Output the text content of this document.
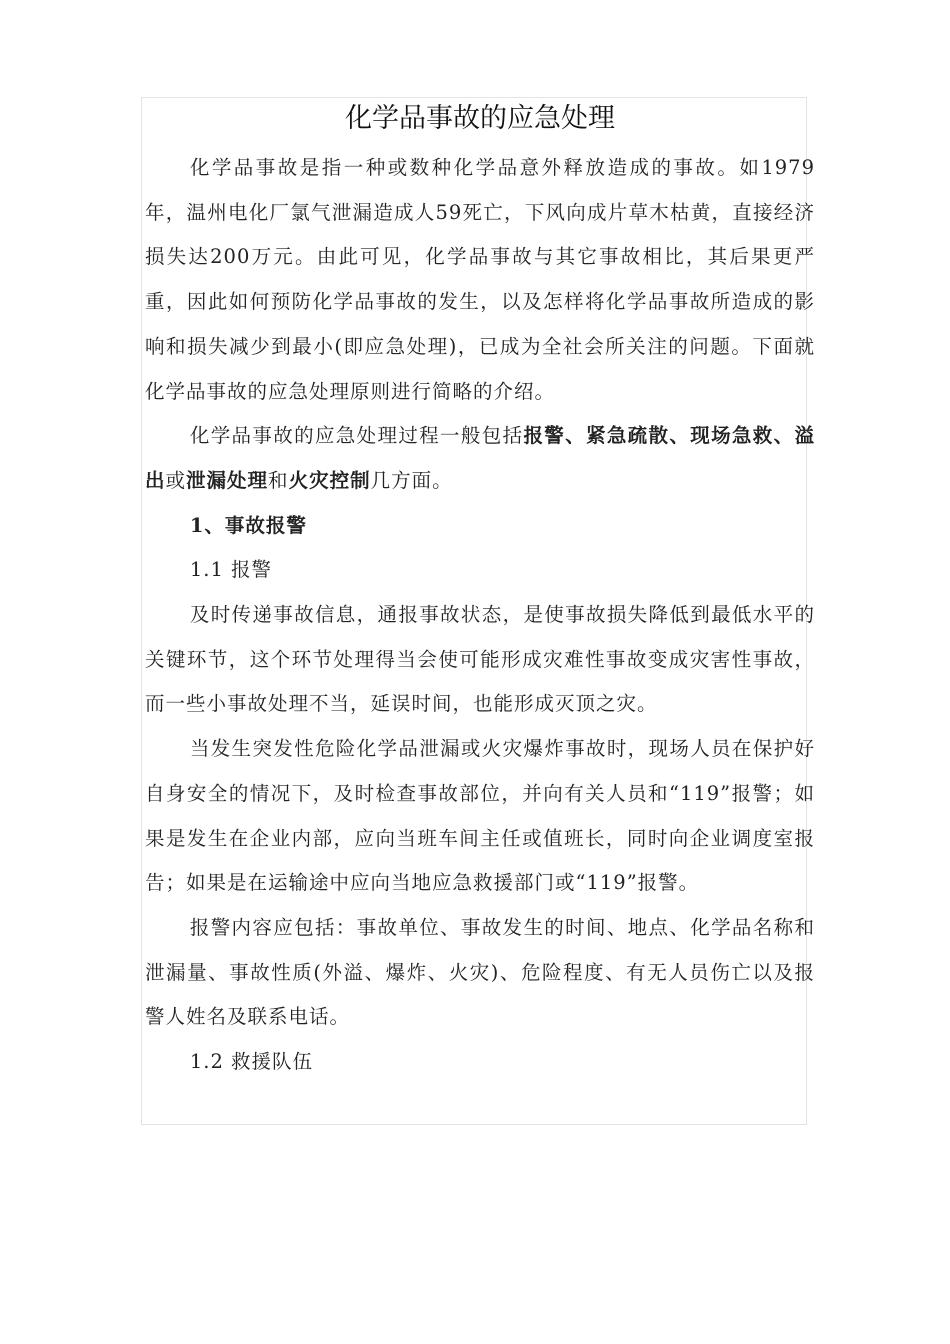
化学品事故的应急处理

化学品事故是指一种或数种化学品意外释放造成的事故。如1979年，温州电化厂氯气泄漏造成人59死亡，下风向成片草木枯黄，直接经济损失达200万元。由此可见，化学品事故与其它事故相比，其后果更严重，因此如何预防化学品事故的发生，以及怎样将化学品事故所造成的影响和损失减少到最小(即应急处理)，已成为全社会所关注的问题。下面就化学品事故的应急处理原则进行简略的介绍。

化学品事故的应急处理过程一般包括报警、紧急疏散、现场急救、溢出或泄漏处理和火灾控制几方面。

1、事故报警

1.1 报警

及时传递事故信息，通报事故状态，是使事故损失降低到最低水平的关键环节，这个环节处理得当会使可能形成灾难性事故变成灾害性事故，而一些小事故处理不当，延误时间，也能形成灭顶之灾。

当发生突发性危险化学品泄漏或火灾爆炸事故时，现场人员在保护好自身安全的情况下，及时检查事故部位，并向有关人员和“119”报警；如果是发生在企业内部，应向当班车间主任或值班长，同时向企业调度室报告；如果是在运输途中应向当地应急救援部门或“119”报警。

报警内容应包括：事故单位、事故发生的时间、地点、化学品名称和泄漏量、事故性质(外溢、爆炸、火灾)、危险程度、有无人员伤亡以及报警人姓名及联系电话。

1.2 救援队伍
